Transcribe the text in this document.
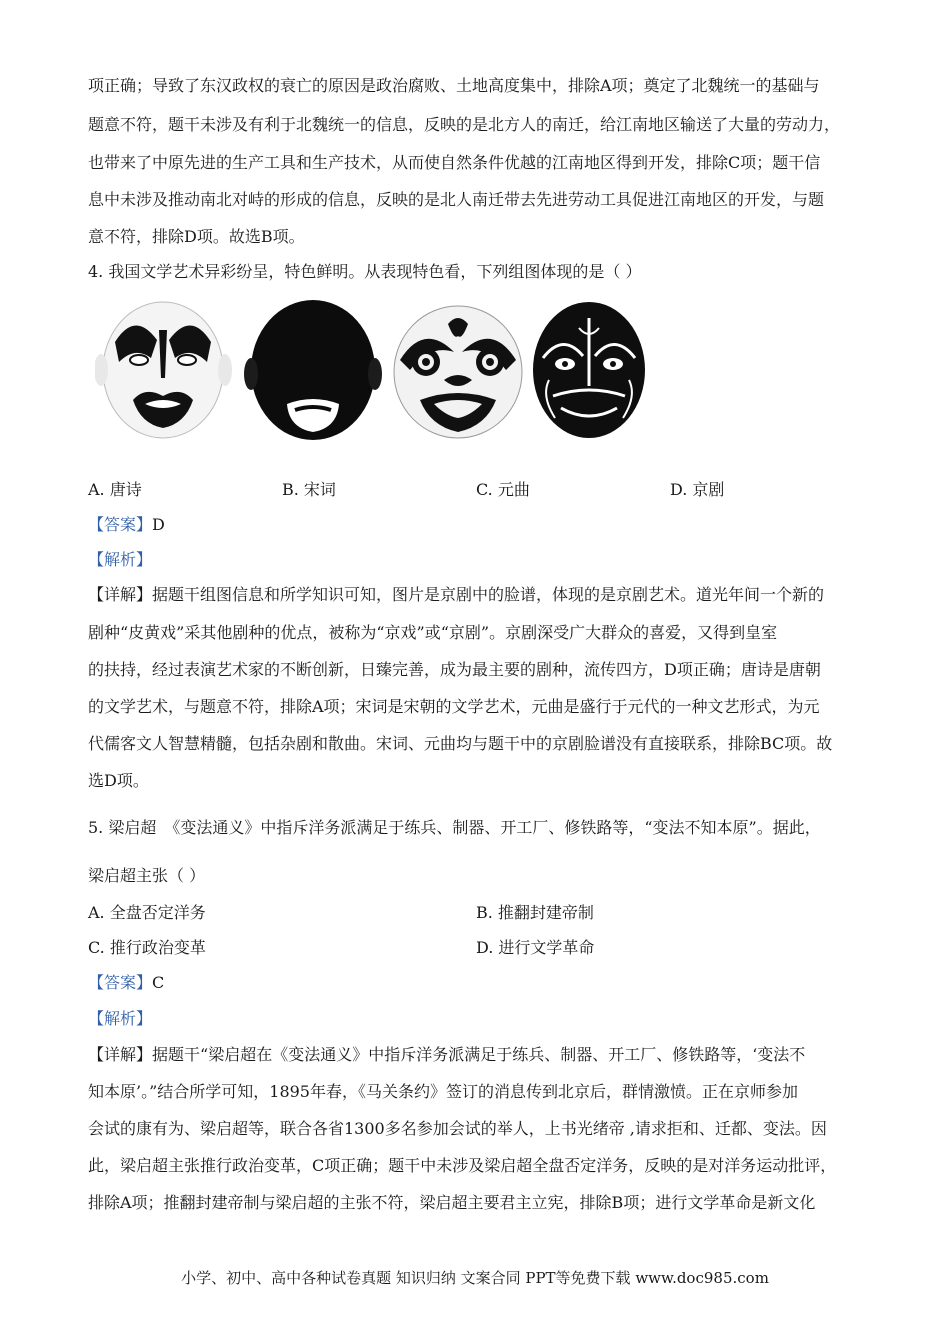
项正确；导致了东汉政权的衰亡的原因是政治腐败、土地高度集中，排除A项；奠定了北魏统一的基础与
题意不符，题干未涉及有利于北魏统一的信息，反映的是北方人的南迁，给江南地区输送了大量的劳动力，
也带来了中原先进的生产工具和生产技术，从而使自然条件优越的江南地区得到开发，排除C项；题干信
息中未涉及推动南北对峙的形成的信息，反映的是北人南迁带去先进劳动工具促进江南地区的开发，与题
意不符，排除D项。故选B项。
4. 我国文学艺术异彩纷呈，特色鲜明。从表现特色看，下列组图体现的是（ ）
A. 唐诗	B. 宋词	C. 元曲	D. 京剧
【答案】D
【解析】
【详解】据题干组图信息和所学知识可知，图片是京剧中的脸谱，体现的是京剧艺术。道光年间一个新的
剧种“皮黄戏”采其他剧种的优点，被称为“京戏”或“京剧”。京剧深受广大群众的喜爱，又得到皇室
的扶持，经过表演艺术家的不断创新，日臻完善，成为最主要的剧种，流传四方，D项正确；唐诗是唐朝
的文学艺术，与题意不符，排除A项；宋词是宋朝的文学艺术，元曲是盛行于元代的一种文艺形式，为元
代儒客文人智慧精髓，包括杂剧和散曲。宋词、元曲均与题干中的京剧脸谱没有直接联系，排除BC项。故
选D项。
5. 梁启超　《变法通义》中指斥洋务派满足于练兵、制器、开工厂、修铁路等，“变法不知本原”。据此，
梁启超主张（ ）
A. 全盘否定洋务	B. 推翻封建帝制
C. 推行政治变革	D. 进行文学革命
【答案】C
【解析】
【详解】据题干“梁启超在《变法通义》中指斥洋务派满足于练兵、制器、开工厂、修铁路等，‘变法不
知本原’。”结合所学可知，1895年春，《马关条约》签订的消息传到北京后，群情激愤。正在京师参加
会试的康有为、梁启超等，联合各省1300多名参加会试的举人，上书光绪帝 ,请求拒和、迁都、变法。因
此，梁启超主张推行政治变革，C项正确；题干中未涉及梁启超全盘否定洋务，反映的是对洋务运动批评，
排除A项；推翻封建帝制与梁启超的主张不符，梁启超主要君主立宪，排除B项；进行文学革命是新文化
小学、初中、高中各种试卷真题 知识归纳 文案合同 PPT等免费下载 www.doc985.com
